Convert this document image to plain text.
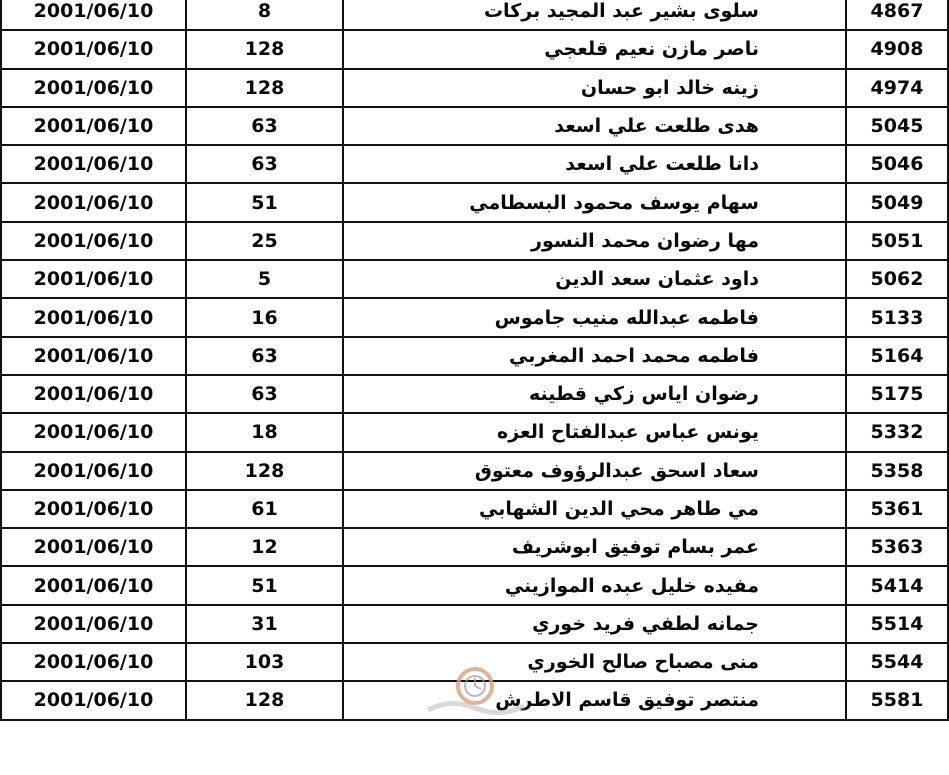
2001/06/10	8	سلوى بشير عبد المجيد بركات	4867
2001/06/10	128	ناصر مازن نعيم قلعجي	4908
2001/06/10	128	زينه خالد ابو حسان	4974
2001/06/10	63	هدى طلعت علي اسعد	5045
2001/06/10	63	دانا طلعت علي اسعد	5046
2001/06/10	51	سهام يوسف محمود البسطامي	5049
2001/06/10	25	مها رضوان محمد النسور	5051
2001/06/10	5	داود عثمان سعد الدين	5062
2001/06/10	16	فاطمه عبدالله منيب جاموس	5133
2001/06/10	63	فاطمه محمد احمد المغربي	5164
2001/06/10	63	رضوان اياس زكي قطينه	5175
2001/06/10	18	يونس عباس عبدالفتاح العزه	5332
2001/06/10	128	سعاد اسحق عبدالرؤوف معتوق	5358
2001/06/10	61	مي طاهر محي الدين الشهابي	5361
2001/06/10	12	عمر بسام توفيق ابوشريف	5363
2001/06/10	51	مفيده خليل عبده الموازيني	5414
2001/06/10	31	جمانه لطفي فريد خوري	5514
2001/06/10	103	منى مصباح صالح الخوري	5544
2001/06/10	128	منتصر توفيق قاسم الاطرش	5581
